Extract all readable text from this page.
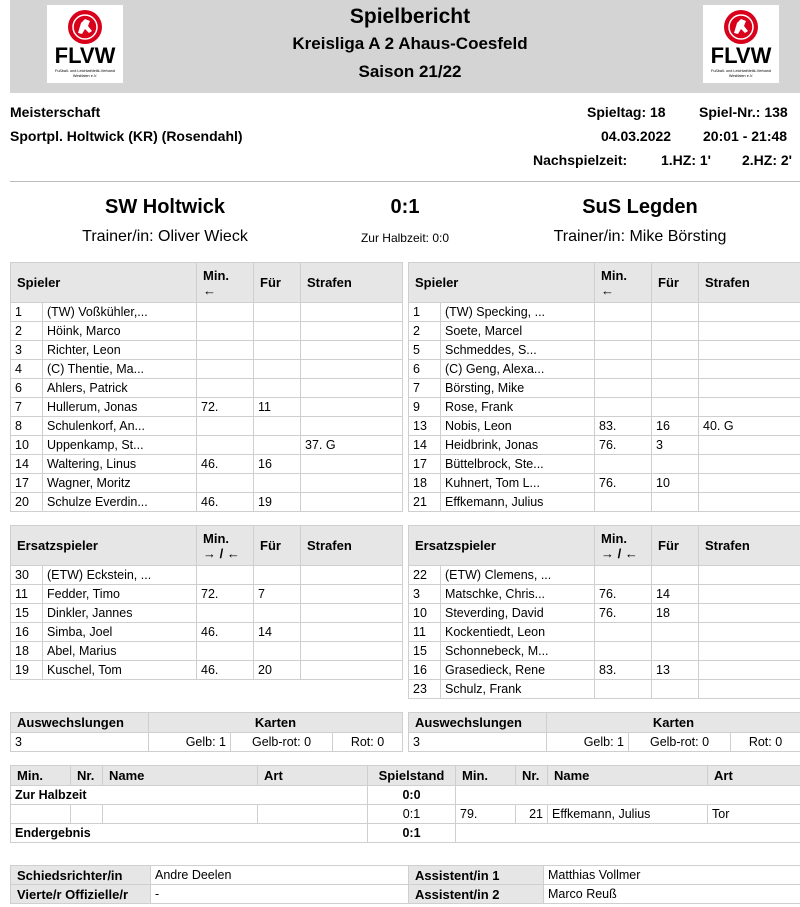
FLVW
Fußball- und Leichtathletik-Verband
Westfalen e.V.
Spielbericht
Kreisliga A 2 Ahaus-Coesfeld
Saison 21/22
FLVW
Fußball- und Leichtathletik-Verband
Westfalen e.V.
Meisterschaft
Sportpl. Holtwick (KR) (Rosendahl)
Spieltag: 18 Spiel-Nr.: 138
04.03.2022 20:01 - 21:48
Nachspielzeit: 1.HZ: 1' 2.HZ: 2'
SW Holtwick	0:1	SuS Legden
Trainer/in: Oliver Wieck	Zur Halbzeit: 0:0	Trainer/in: Mike Börsting
Spieler		Min.
←	Für	Strafen
1	(TW) Voßkühler,...			
2	Höink, Marco			
3	Richter, Leon			
4	(C) Thentie, Ma...			
6	Ahlers, Patrick			
7	Hullerum, Jonas	72.	11	
8	Schulenkorf, An...			
10	Uppenkamp, St...			37. G
14	Waltering, Linus	46.	16	
17	Wagner, Moritz			
20	Schulze Everdin...	46.	19	
Spieler		Min.
←	Für	Strafen
1	(TW) Specking, ...			
2	Soete, Marcel			
5	Schmeddes, S...			
6	(C) Geng, Alexa...			
7	Börsting, Mike			
9	Rose, Frank			
13	Nobis, Leon	83.	16	40. G
14	Heidbrink, Jonas	76.	3	
17	Büttelbrock, Ste...			
18	Kuhnert, Tom L...	76.	10	
21	Effkemann, Julius			
Ersatzspieler		Min.
→ / ←	Für	Strafen
30	(ETW) Eckstein, ...			
11	Fedder, Timo	72.	7	
15	Dinkler, Jannes			
16	Simba, Joel	46.	14	
18	Abel, Marius			
19	Kuschel, Tom	46.	20	
Ersatzspieler		Min.
→ / ←	Für	Strafen
22	(ETW) Clemens, ...			
3	Matschke, Chris...	76.	14	
10	Steverding, David	76.	18	
11	Kockentiedt, Leon			
15	Schonnebeck, M...			
16	Grasedieck, Rene	83.	13	
23	Schulz, Frank			
Auswechslungen	Karten		
3	Gelb: 1	Gelb-rot: 0	Rot: 0
Auswechslungen	Karten		
3	Gelb: 1	Gelb-rot: 0	Rot: 0
Min.	Nr.	Name	Art	Spielstand	Min.	Nr.	Name	Art
Zur Halbzeit				0:0				
				0:1	79.	21	Effkemann, Julius	Tor
Endergebnis				0:1				
Schiedsrichter/in	Andre Deelen	Assistent/in 1	Matthias Vollmer
Vierte/r Offizielle/r	-	Assistent/in 2	Marco Reuß
